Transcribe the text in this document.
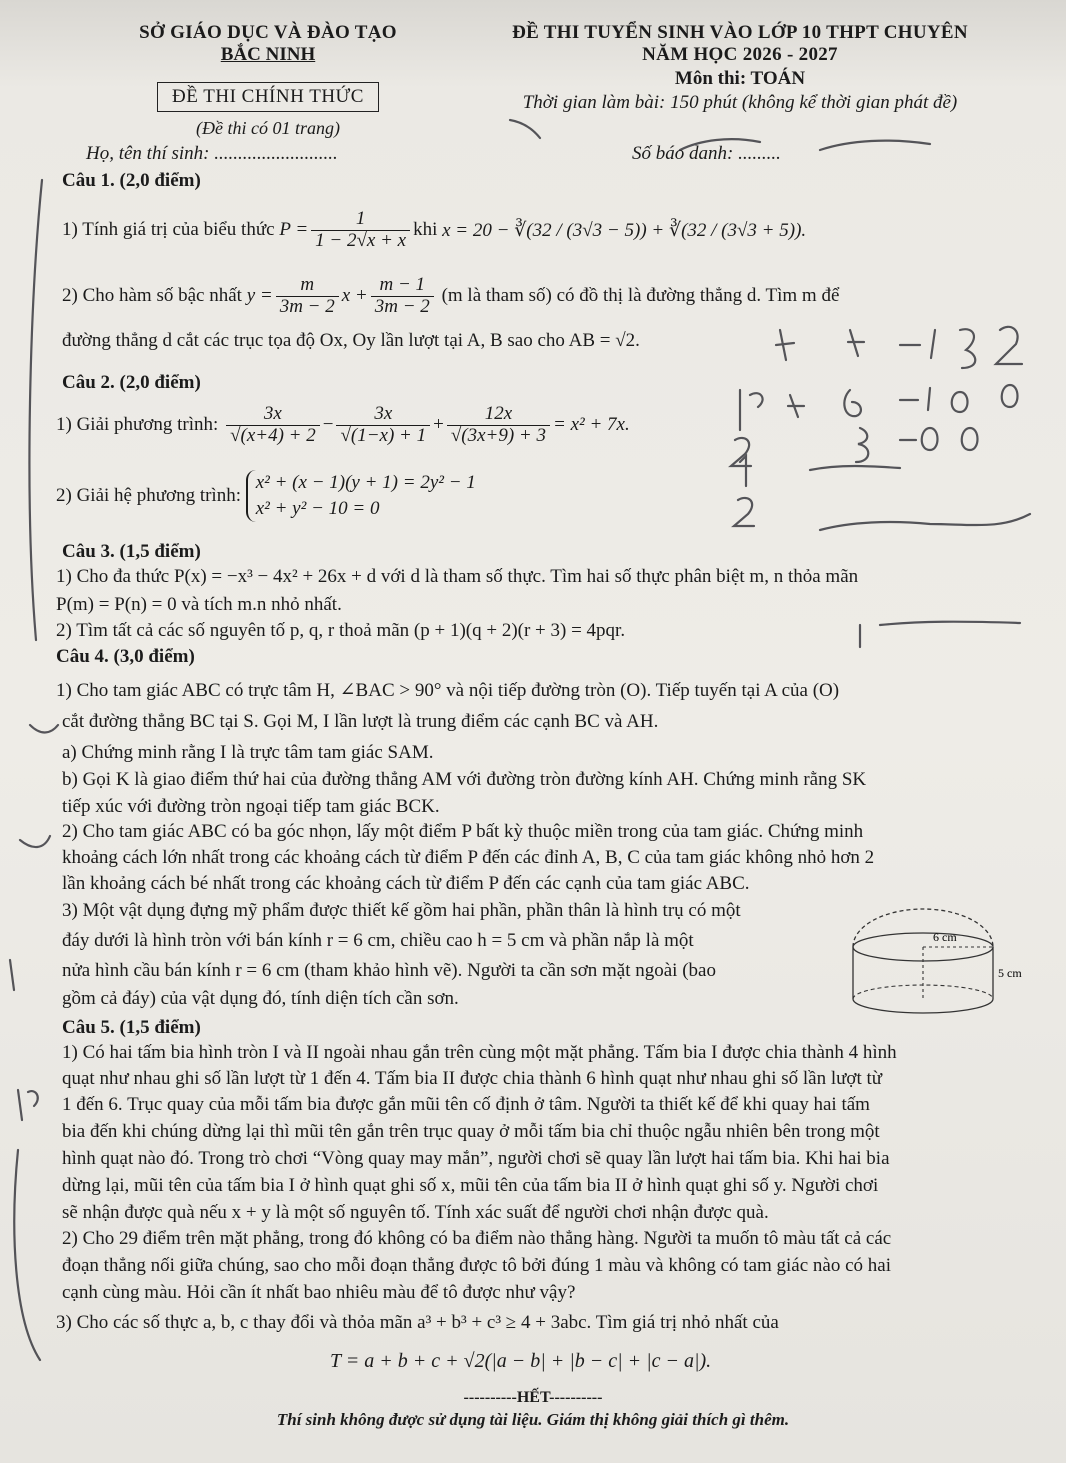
SỞ GIÁO DỤC VÀ ĐÀO TẠO
BẮC NINH
ĐỀ THI CHÍNH THỨC
(Đề thi có 01 trang)
ĐỀ THI TUYỂN SINH VÀO LỚP 10 THPT CHUYÊN
NĂM HỌC 2026 - 2027
Môn thi: TOÁN
Thời gian làm bài: 150 phút (không kể thời gian phát đề)
Họ, tên thí sinh: ..........................	Số báo danh: .........
Câu 1. (2,0 điểm)
1) Tính giá trị của biểu thức
$P = \frac{1}{1 - 2√x + x}$ khi
x = 20 − ∛(32 / (3√3 − 5)) + ∛(32 / (3√3 + 5)).
2) Cho hàm số bậc nhất
$y = \frac{m}{3m - 2}$ $x + \frac{m - 1}{3m - 2}$
(m là tham số) có đồ thị là đường thẳng d. Tìm m để
đường thẳng d cắt các trục tọa độ Ox, Oy lần lượt tại A, B sao cho AB = √2.
Câu 2. (2,0 điểm)
1) Giải phương trình:
$\frac{3x}{√(x+4) + 2} - \frac{3x}{√(1-x) + 1} + \frac{12x}{√(3x+9) + 3} = x^2 + 7x$.
2) Giải hệ phương trình:

x² + (x − 1)(y + 1) = 2y² − 1
x² + y² − 10 = 0
Câu 3. (1,5 điểm)
1) Cho đa thức P(x) = −x³ − 4x² + 26x + d với d là tham số thực. Tìm hai số thực phân biệt m, n thỏa mãn
P(m) = P(n) = 0 và tích m.n nhỏ nhất.
2) Tìm tất cả các số nguyên tố p, q, r thoả mãn (p + 1)(q + 2)(r + 3) = 4pqr.
Câu 4. (3,0 điểm)
1) Cho tam giác ABC có trực tâm H, ∠BAC > 90° và nội tiếp đường tròn (O). Tiếp tuyến tại A của (O)
cắt đường thẳng BC tại S. Gọi M, I lần lượt là trung điểm các cạnh BC và AH.
a) Chứng minh rằng I là trực tâm tam giác SAM.
b) Gọi K là giao điểm thứ hai của đường thẳng AM với đường tròn đường kính AH. Chứng minh rằng SK
tiếp xúc với đường tròn ngoại tiếp tam giác BCK.
2) Cho tam giác ABC có ba góc nhọn, lấy một điểm P bất kỳ thuộc miền trong của tam giác. Chứng minh
khoảng cách lớn nhất trong các khoảng cách từ điểm P đến các đỉnh A, B, C của tam giác không nhỏ hơn 2
lần khoảng cách bé nhất trong các khoảng cách từ điểm P đến các cạnh của tam giác ABC.
3) Một vật dụng đựng mỹ phẩm được thiết kế gồm hai phần, phần thân là hình trụ có một
đáy dưới là hình tròn với bán kính r = 6 cm, chiều cao h = 5 cm và phần nắp là một
nửa hình cầu bán kính r = 6 cm (tham khảo hình vẽ). Người ta cần sơn mặt ngoài (bao
gồm cả đáy) của vật dụng đó, tính diện tích cần sơn.
6 cm
5 cm
Câu 5. (1,5 điểm)
1) Có hai tấm bia hình tròn I và II ngoài nhau gắn trên cùng một mặt phẳng. Tấm bia I được chia thành 4 hình
quạt như nhau ghi số lần lượt từ 1 đến 4. Tấm bia II được chia thành 6 hình quạt như nhau ghi số lần lượt từ
1 đến 6. Trục quay của mỗi tấm bia được gắn mũi tên cố định ở tâm. Người ta thiết kế để khi quay hai tấm
bia đến khi chúng dừng lại thì mũi tên gắn trên trục quay ở mỗi tấm bia chỉ thuộc ngẫu nhiên bên trong một
hình quạt nào đó. Trong trò chơi “Vòng quay may mắn”, người chơi sẽ quay lần lượt hai tấm bia. Khi hai bia
dừng lại, mũi tên của tấm bia I ở hình quạt ghi số x, mũi tên của tấm bia II ở hình quạt ghi số y. Người chơi
sẽ nhận được quà nếu x + y là một số nguyên tố. Tính xác suất để người chơi nhận được quà.
2) Cho 29 điểm trên mặt phẳng, trong đó không có ba điểm nào thẳng hàng. Người ta muốn tô màu tất cả các
đoạn thẳng nối giữa chúng, sao cho mỗi đoạn thẳng được tô bởi đúng 1 màu và không có tam giác nào có hai
cạnh cùng màu. Hỏi cần ít nhất bao nhiêu màu để tô được như vậy?
3) Cho các số thực a, b, c thay đổi và thỏa mãn a³ + b³ + c³ ≥ 4 + 3abc. Tìm giá trị nhỏ nhất của
T = a + b + c + √2(|a − b| + |b − c| + |c − a|).
----------HẾT----------
Thí sinh không được sử dụng tài liệu. Giám thị không giải thích gì thêm.
